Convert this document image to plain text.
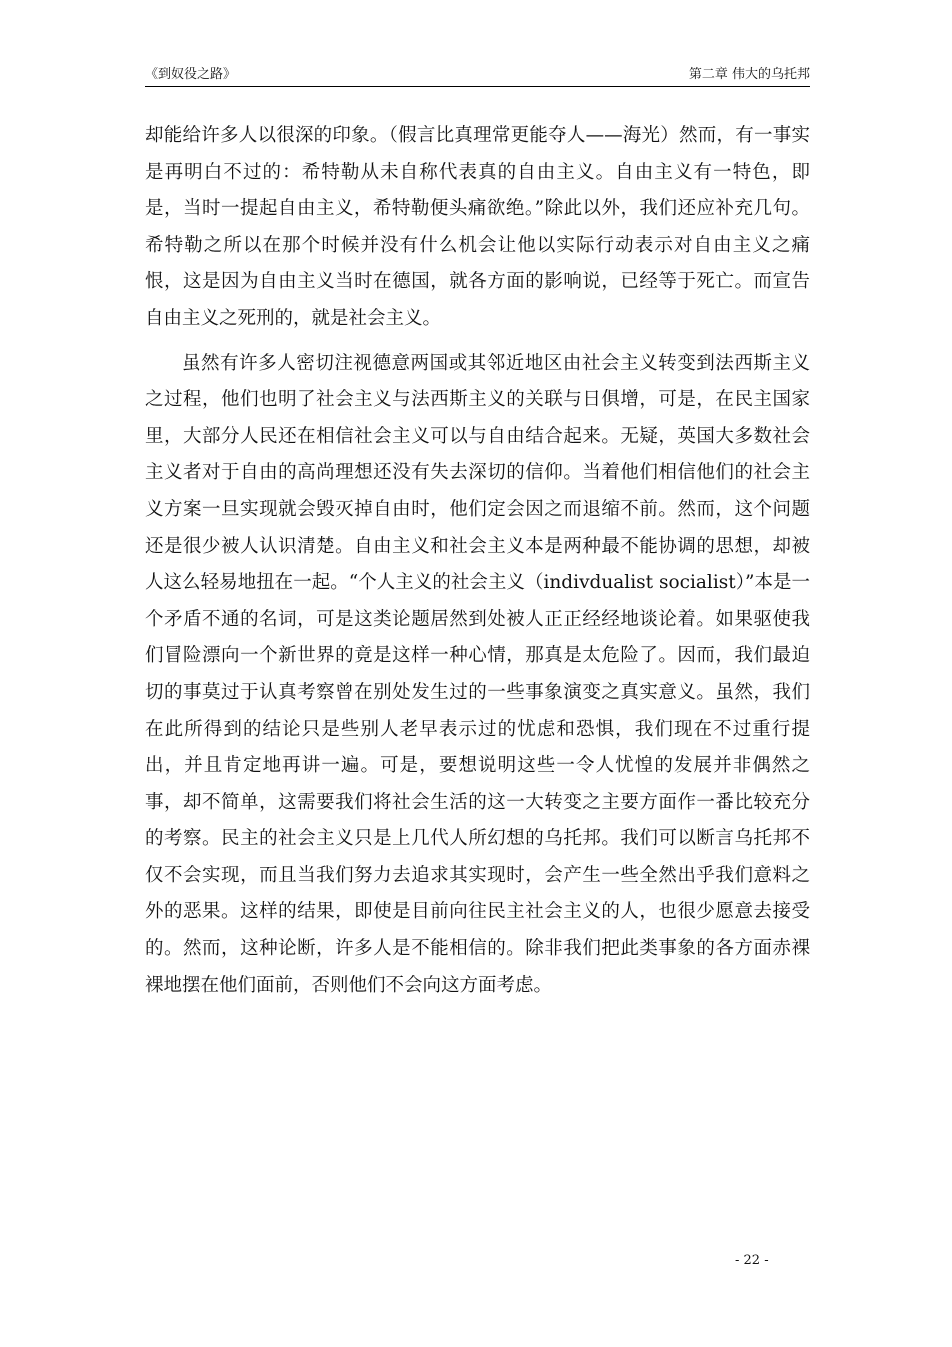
《到奴役之路》	第二章 伟大的乌托邦

却能给许多人以很深的印象。（假言比真理常更能夺人——海光）然而，有一事实是再明白不过的：希特勒从未自称代表真的自由主义。自由主义有一特色，即是，当时一提起自由主义，希特勒便头痛欲绝。”除此以外，我们还应补充几句。希特勒之所以在那个时候并没有什么机会让他以实际行动表示对自由主义之痛恨，这是因为自由主义当时在德国，就各方面的影响说，已经等于死亡。而宣告自由主义之死刑的，就是社会主义。

虽然有许多人密切注视德意两国或其邻近地区由社会主义转变到法西斯主义之过程，他们也明了社会主义与法西斯主义的关联与日俱增，可是，在民主国家里，大部分人民还在相信社会主义可以与自由结合起来。无疑，英国大多数社会主义者对于自由的高尚理想还没有失去深切的信仰。当着他们相信他们的社会主义方案一旦实现就会毁灭掉自由时，他们定会因之而退缩不前。然而，这个问题还是很少被人认识清楚。自由主义和社会主义本是两种最不能协调的思想，却被人这么轻易地扭在一起。“个人主义的社会主义（indivdualist socialist）”本是一个矛盾不通的名词，可是这类论题居然到处被人正正经经地谈论着。如果驱使我们冒险漂向一个新世界的竟是这样一种心情，那真是太危险了。因而，我们最迫切的事莫过于认真考察曾在别处发生过的一些事象演变之真实意义。虽然，我们在此所得到的结论只是些别人老早表示过的忧虑和恐惧，我们现在不过重行提出，并且肯定地再讲一遍。可是，要想说明这些一令人忧惶的发展并非偶然之事，却不简单，这需要我们将社会生活的这一大转变之主要方面作一番比较充分的考察。民主的社会主义只是上几代人所幻想的乌托邦。我们可以断言乌托邦不仅不会实现，而且当我们努力去追求其实现时，会产生一些全然出乎我们意料之外的恶果。这样的结果，即使是目前向往民主社会主义的人，也很少愿意去接受的。然而，这种论断，许多人是不能相信的。除非我们把此类事象的各方面赤裸裸地摆在他们面前，否则他们不会向这方面考虑。

- 22 -
